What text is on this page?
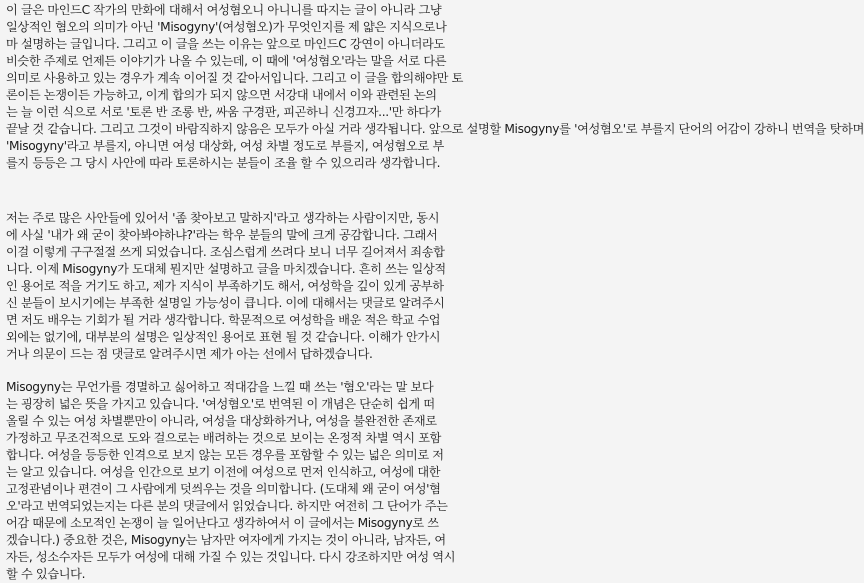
이 글은 마인드C 작가의 만화에 대해서 여성혐오니 아니니를 따지는 글이 아니라 그냥
일상적인 혐오의 의미가 아닌 'Misogyny'(여성혐오)가 무엇인지를 제 얇은 지식으로나
마 설명하는 글입니다. 그리고 이 글을 쓰는 이유는 앞으로 마인드C 강연이 아니더라도
비슷한 주제로 언제든 이야기가 나올 수 있는데, 이 때에 '여성혐오'라는 말을 서로 다른
의미로 사용하고 있는 경우가 계속 이어질 것 같아서입니다. 그리고 이 글을 합의해야만 토
론이든 논쟁이든 가능하고, 이게 합의가 되지 않으면 서강대 내에서 이와 관련된 논의
는 늘 이런 식으로 서로 '토론 반 조롱 반, 싸움 구경판, 피곤하니 신경끄자...'만 하다가
끝날 것 같습니다. 그리고 그것이 바람직하지 않음은 모두가 아실 거라 생각됩니다. 앞으로 설명할 Misogyny를 '여성혐오'로 부를지 단어의 어감이 강하니 번역을 탓하며
'Misogyny'라고 부를지, 아니면 여성 대상화, 여성 차별 정도로 부를지, 여성혐오로 부
를지 등등은 그 당시 사안에 따라 토론하시는 분들이 조율 할 수 있으리라 생각합니다.
저는 주로 많은 사안들에 있어서 '좀 찾아보고 말하지'라고 생각하는 사람이지만, 동시
에 사실 '내가 왜 굳이 찾아봐야하냐?'라는 학우 분들의 말에 크게 공감합니다. 그래서
이걸 이렇게 구구절절 쓰게 되었습니다. 조심스럽게 쓰려다 보니 너무 길어져서 죄송합
니다. 이제 Misogyny가 도대체 뭔지만 설명하고 글을 마치겠습니다. 흔히 쓰는 일상적
인 용어로 적을 거기도 하고, 제가 지식이 부족하기도 해서, 여성학을 깊이 있게 공부하
신 분들이 보시기에는 부족한 설명일 가능성이 큽니다. 이에 대해서는 댓글로 알려주시
면 저도 배우는 기회가 될 거라 생각합니다. 학문적으로 여성학을 배운 적은 학교 수업
외에는 없기에, 대부분의 설명은 일상적인 용어로 표현 될 것 같습니다. 이해가 안가시
거나 의문이 드는 점 댓글로 알려주시면 제가 아는 선에서 답하겠습니다.
Misogyny는 무언가를 경멸하고 싫어하고 적대감을 느낄 때 쓰는 '혐오'라는 말 보다
는 굉장히 넓은 뜻을 가지고 있습니다. '여성혐오'로 번역된 이 개념은 단순히 쉽게 떠
올릴 수 있는 여성 차별뿐만이 아니라, 여성을 대상화하거나, 여성을 불완전한 존재로
가정하고 무조건적으로 도와 걸으로는 배려하는 것으로 보이는 온정적 차별 역시 포함
합니다. 여성을 등등한 인격으로 보지 않는 모든 경우를 포함할 수 있는 넓은 의미로 저
는 알고 있습니다. 여성을 인간으로 보기 이전에 여성으로 먼저 인식하고, 여성에 대한
고정관념이나 편견이 그 사람에게 덧씌우는 것을 의미합니다. (도대체 왜 굳이 여성'혐
오'라고 번역되었는지는 다른 분의 댓글에서 읽었습니다. 하지만 여전히 그 단어가 주는
어감 때문에 소모적인 논쟁이 늘 일어난다고 생각하여서 이 글에서는 Misogyny로 쓰
겠습니다.) 중요한 것은, Misogyny는 남자만 여자에게 가지는 것이 아니라, 남자든, 여
자든, 성소수자든 모두가 여성에 대해 가질 수 있는 것입니다. 다시 강조하지만 여성 역시
할 수 있습니다.
